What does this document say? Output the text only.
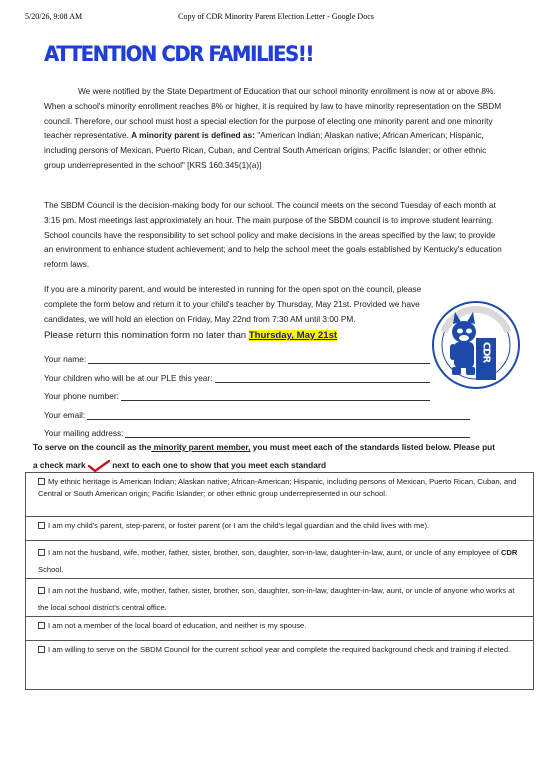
5/20/26, 9:08 AM	Copy of CDR Minority Parent Election Letter - Google Docs
ATTENTION CDR FAMILIES!!
We were notified by the State Department of Education that our school minority enrollment is now at or above 8%. When a school's minority enrollment reaches 8% or higher, it is required by law to have minority representation on the SBDM council. Therefore, our school must host a special election for the purpose of electing one minority parent and one minority teacher representative. A minority parent is defined as: "American Indian; Alaskan native; African American; Hispanic, including persons of Mexican, Puerto Rican, Cuban, and Central South American origins; Pacific Islander; or other ethnic group underrepresented in the school" [KRS 160.345(1)(a)]
The SBDM Council is the decision-making body for our school. The council meets on the second Tuesday of each month at 3:15 pm. Most meetings last approximately an hour. The main purpose of the SBDM council is to improve student learning. School councils have the responsibility to set school policy and make decisions in the areas specified by the law; to provide an environment to enhance student achievement; and to help the school meet the goals established by Kentucky's education reform laws.
If you are a minority parent, and would be interested in running for the open spot on the council, please complete the form below and return it to your child's teacher by Thursday, May 21st. Provided we have candidates, we will hold an election on Friday, May 22nd from 7:30 AM until 3:00 PM.
CDR
Please return this nomination form no later than Thursday, May 21st
Your name:
Your children who will be at our PLE this year:
Your phone number:
Your email:
Your mailing address:
To serve on the council as the minority parent member, you must meet each of the standards listed below. Please put
a check mark	next to each one to show that you meet each standard
My ethnic heritage is American Indian; Alaskan native; African-American; Hispanic, including persons of Mexican, Puerto Rican, Cuban, and Central or South American origin; Pacific Islander; or other ethnic group underrepresented in our school.
I am my child's parent, step-parent, or foster parent (or I am the child's legal guardian and the child lives with me).
I am not the husband, wife, mother, father, sister, brother, son, daughter, son-in-law, daughter-in-law, aunt, or uncle of any employee of CDR School.
I am not the husband, wife, mother, father, sister, brother, son, daughter, son-in-law, daughter-in-law, aunt, or uncle of anyone who works at the local school district's central office.
I am not a member of the local board of education, and neither is my spouse.
I am willing to serve on the SBDM Council for the current school year and complete the required background check and training if elected.
